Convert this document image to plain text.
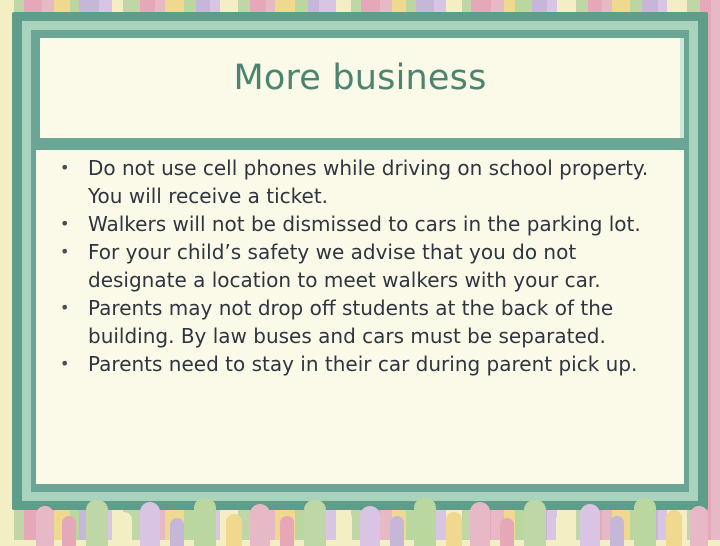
More business
• Do not use cell phones while driving on school property. You will receive a ticket.
• Walkers will not be dismissed to cars in the parking lot.
• For your child’s safety we advise that you do not designate a location to meet walkers with your car.
• Parents may not drop off students at the back of the building. By law buses and cars must be separated.
• Parents need to stay in their car during parent pick up.
